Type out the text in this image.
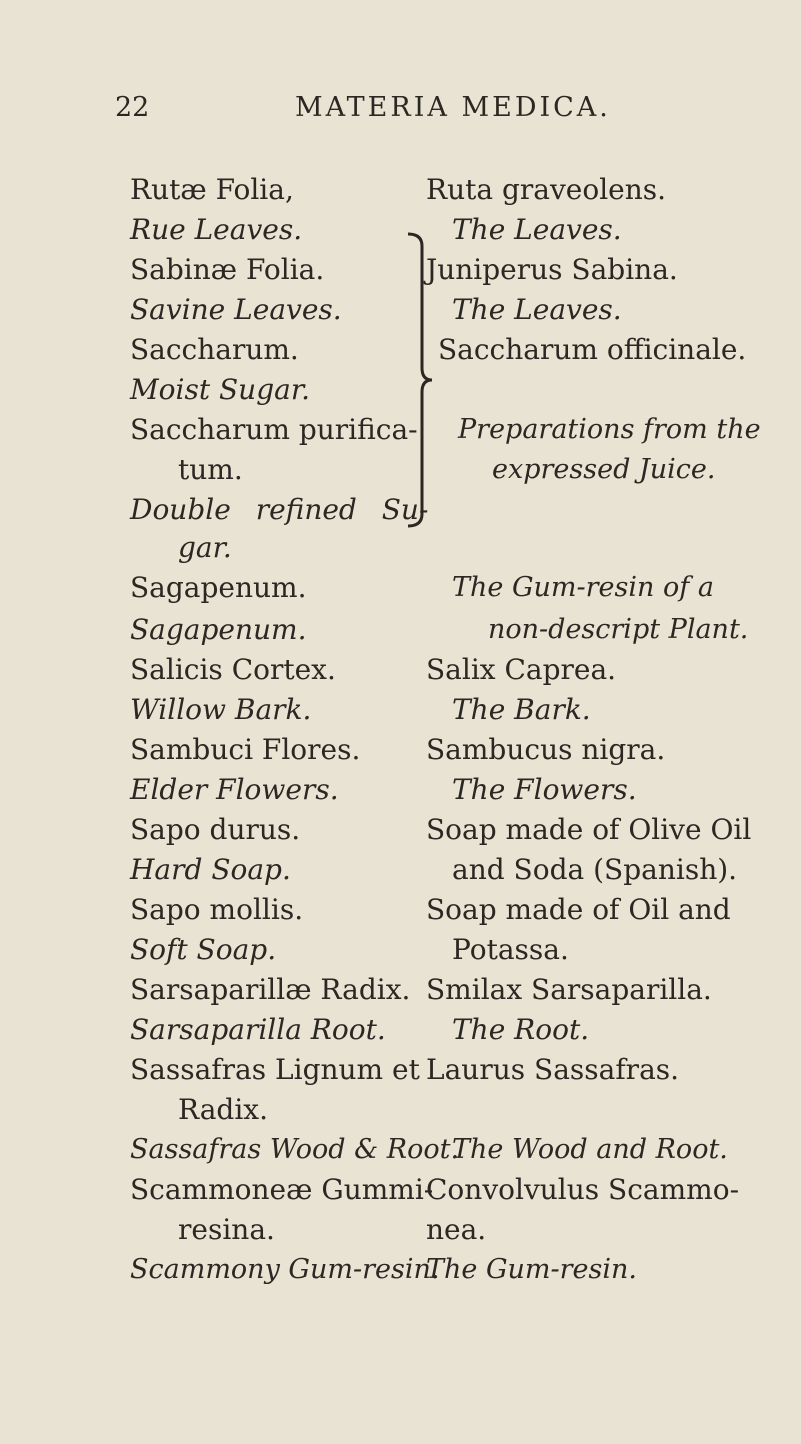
22	MATERIA MEDICA.
Rutæ Folia,
Rue Leaves.
Sabinæ Folia.
Savine Leaves.
Saccharum.
Moist Sugar.
Saccharum purifica-
tum.
Double refined Su-
gar.
Sagapenum.
Sagapenum.
Salicis Cortex.
Willow Bark.
Sambuci Flores.
Elder Flowers.
Sapo durus.
Hard Soap.
Sapo mollis.
Soft Soap.
Sarsaparillæ Radix.
Sarsaparilla Root.
Sassafras Lignum et
Radix.
Sassafras Wood & Root.
Scammoneæ Gummi-
resina.
Scammony Gum-resin.
Ruta graveolens.
The Leaves.
Juniperus Sabina.
The Leaves.
Saccharum officinale.
Preparations from the
expressed Juice.
The Gum-resin of a
non-descript Plant.
Salix Caprea.
The Bark.
Sambucus nigra.
The Flowers.
Soap made of Olive Oil
and Soda (Spanish).
Soap made of Oil and
Potassa.
Smilax Sarsaparilla.
The Root.
Laurus Sassafras.
The Wood and Root.
Convolvulus Scammo-
nea.
The Gum-resin.
